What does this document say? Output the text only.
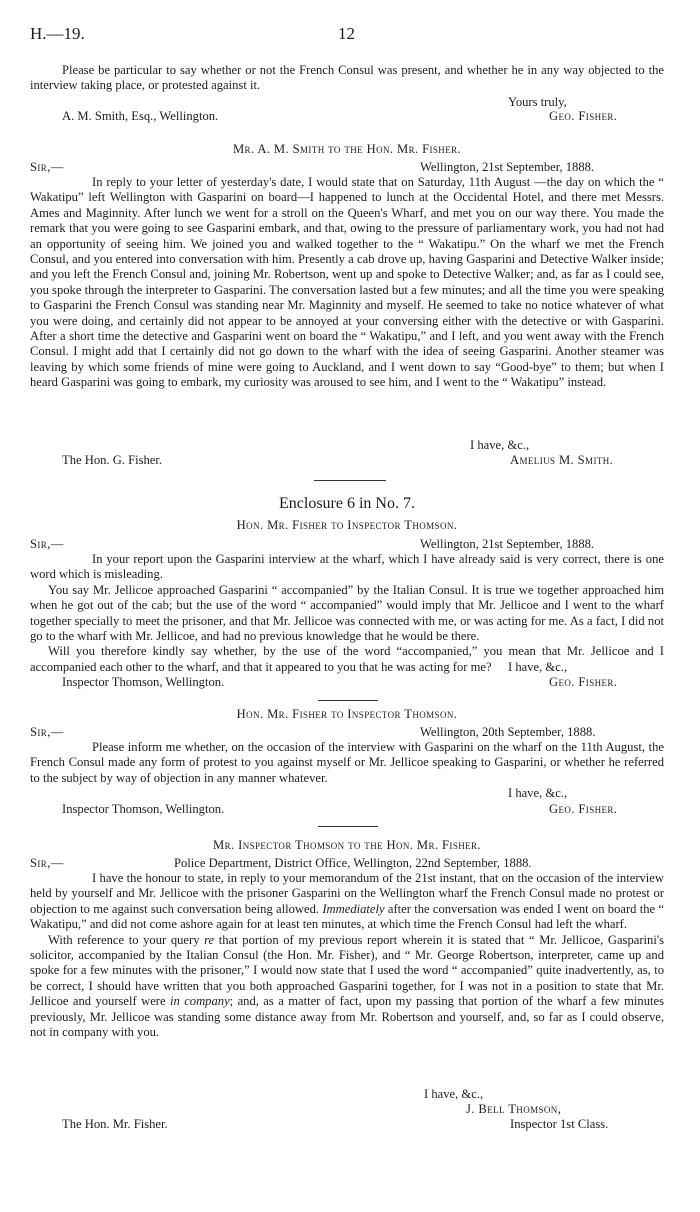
H.—19.	12

Please be particular to say whether or not the French Consul was present, and whether he in any way objected to the interview taking place, or protested against it.

Yours truly,
A. M. Smith, Esq., Wellington.	Geo. Fisher.
Mr. A. M. Smith to the Hon. Mr. Fisher.
Sir,—	Wellington, 21st September, 1888.

In reply to your letter of yesterday's date, I would state that on Saturday, 11th August —the day on which the “ Wakatipu” left Wellington with Gasparini on board—I happened to lunch at the Occidental Hotel, and there met Messrs. Ames and Maginnity. After lunch we went for a stroll on the Queen's Wharf, and met you on our way there. You made the remark that you were going to see Gasparini embark, and that, owing to the pressure of parliamentary work, you had not had an opportunity of seeing him. We joined you and walked together to the “ Wakatipu.” On the wharf we met the French Consul, and you entered into conversation with him. Presently a cab drove up, having Gasparini and Detective Walker inside; and you left the French Consul and, joining Mr. Robertson, went up and spoke to Detective Walker; and, as far as I could see, you spoke through the interpreter to Gasparini. The conversation lasted but a few minutes; and all the time you were speaking to Gasparini the French Consul was standing near Mr. Maginnity and myself. He seemed to take no notice whatever of what you were doing, and certainly did not appear to be annoyed at your conversing either with the detective or with Gasparini. After a short time the detective and Gasparini went on board the “ Wakatipu,” and I left, and you went away with the French Consul. I might add that I certainly did not go down to the wharf with the idea of seeing Gasparini. Another steamer was leaving by which some friends of mine were going to Auckland, and I went down to say “Good-bye” to them; but when I heard Gasparini was going to embark, my curiosity was aroused to see him, and I went to the “ Wakatipu” instead.

I have, &c.,
The Hon. G. Fisher.	Amelius M. Smith.
Enclosure 6 in No. 7.
Hon. Mr. Fisher to Inspector Thomson.
Sir,—	Wellington, 21st September, 1888.

In your report upon the Gasparini interview at the wharf, which I have already said is very correct, there is one word which is misleading.

You say Mr. Jellicoe approached Gasparini “ accompanied” by the Italian Consul. It is true we together approached him when he got out of the cab; but the use of the word “ accompanied” would imply that Mr. Jellicoe and I went to the wharf together specially to meet the prisoner, and that Mr. Jellicoe was connected with me, or was acting for me. As a fact, I did not go to the wharf with Mr. Jellicoe, and had no previous knowledge that he would be there.

Will you therefore kindly say whether, by the use of the word “accompanied,” you mean that Mr. Jellicoe and I accompanied each other to the wharf, and that it appeared to you that he was acting for me?	I have, &c.,
Inspector Thomson, Wellington.	Geo. Fisher.
Hon. Mr. Fisher to Inspector Thomson.
Sir,—	Wellington, 20th September, 1888.

Please inform me whether, on the occasion of the interview with Gasparini on the wharf on the 11th August, the French Consul made any form of protest to you against myself or Mr. Jellicoe speaking to Gasparini, or whether he referred to the subject by way of objection in any manner whatever.

I have, &c.,
Inspector Thomson, Wellington.	Geo. Fisher.
Mr. Inspector Thomson to the Hon. Mr. Fisher.
Sir,—	Police Department, District Office, Wellington, 22nd September, 1888.

I have the honour to state, in reply to your memorandum of the 21st instant, that on the occasion of the interview held by yourself and Mr. Jellicoe with the prisoner Gasparini on the Wellington wharf the French Consul made no protest or objection to me against such conversation being allowed. Immediately after the conversation was ended I went on board the “ Wakatipu,” and did not come ashore again for at least ten minutes, at which time the French Consul had left the wharf.

With reference to your query re that portion of my previous report wherein it is stated that “ Mr. Jellicoe, Gasparini's solicitor, accompanied by the Italian Consul (the Hon. Mr. Fisher), and “ Mr. George Robertson, interpreter, came up and spoke for a few minutes with the prisoner,” I would now state that I used the word “ accompanied” quite inadvertently, as, to be correct, I should have written that you both approached Gasparini together, for I was not in a position to state that Mr. Jellicoe and yourself were in company; and, as a matter of fact, upon my passing that portion of the wharf a few minutes previously, Mr. Jellicoe was standing some distance away from Mr. Robertson and yourself, and, so far as I could observe, not in company with you.

I have, &c.,
J. Bell Thomson,
Inspector 1st Class.
The Hon. Mr. Fisher.
